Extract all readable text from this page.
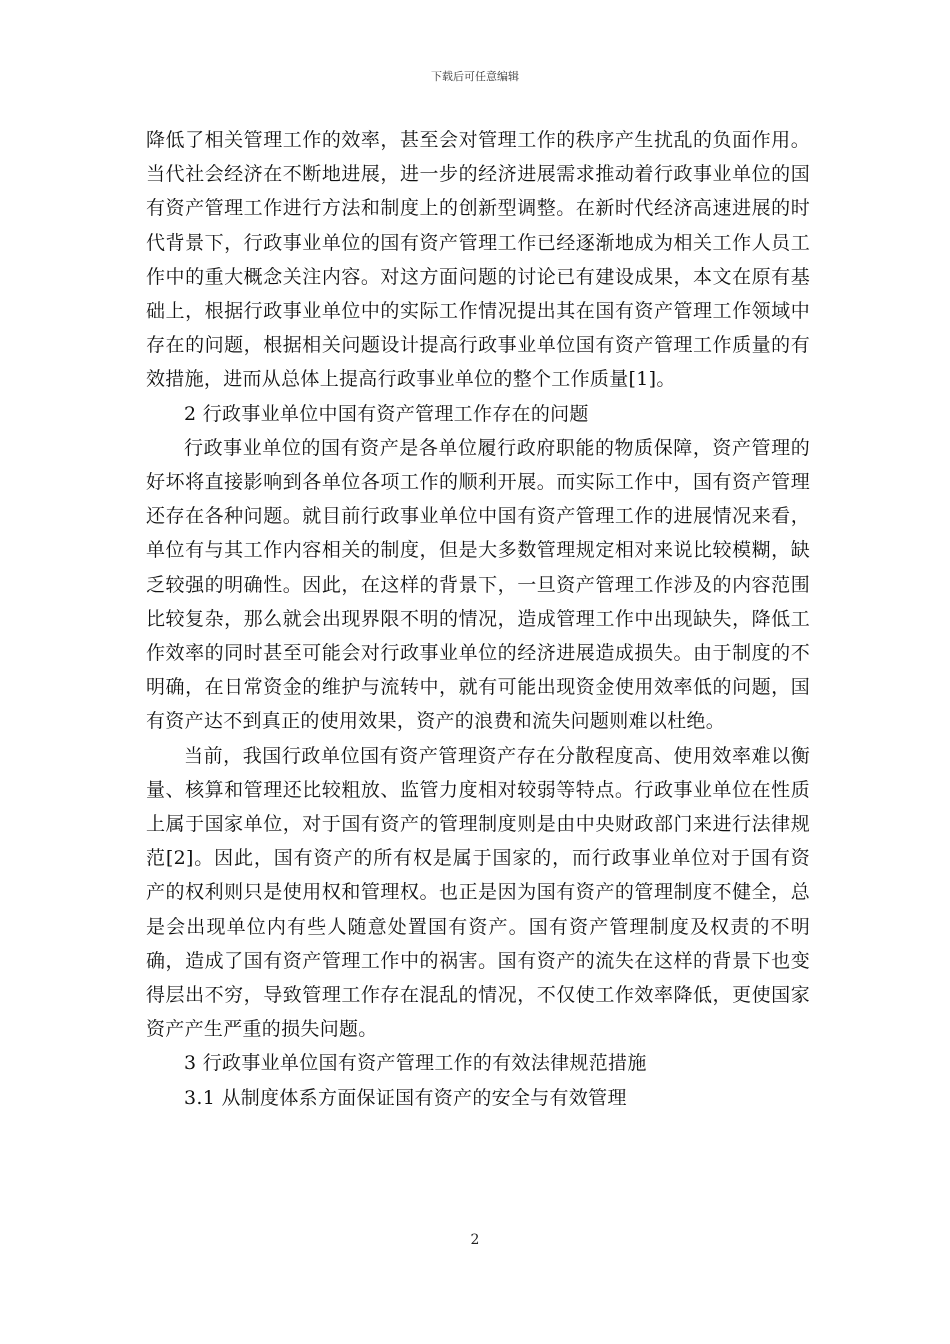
下载后可任意编辑

降低了相关管理工作的效率，甚至会对管理工作的秩序产生扰乱的负面作用。当代社会经济在不断地进展，进一步的经济进展需求推动着行政事业单位的国有资产管理工作进行方法和制度上的创新型调整。在新时代经济高速进展的时代背景下，行政事业单位的国有资产管理工作已经逐渐地成为相关工作人员工作中的重大概念关注内容。对这方面问题的讨论已有建设成果，本文在原有基础上，根据行政事业单位中的实际工作情况提出其在国有资产管理工作领域中存在的问题，根据相关问题设计提高行政事业单位国有资产管理工作质量的有效措施，进而从总体上提高行政事业单位的整个工作质量[1]。

2 行政事业单位中国有资产管理工作存在的问题

行政事业单位的国有资产是各单位履行政府职能的物质保障，资产管理的好坏将直接影响到各单位各项工作的顺利开展。而实际工作中，国有资产管理还存在各种问题。就目前行政事业单位中国有资产管理工作的进展情况来看，单位有与其工作内容相关的制度，但是大多数管理规定相对来说比较模糊，缺乏较强的明确性。因此，在这样的背景下，一旦资产管理工作涉及的内容范围比较复杂，那么就会出现界限不明的情况，造成管理工作中出现缺失，降低工作效率的同时甚至可能会对行政事业单位的经济进展造成损失。由于制度的不明确，在日常资金的维护与流转中，就有可能出现资金使用效率低的问题，国有资产达不到真正的使用效果，资产的浪费和流失问题则难以杜绝。

当前，我国行政单位国有资产管理资产存在分散程度高、使用效率难以衡量、核算和管理还比较粗放、监管力度相对较弱等特点。行政事业单位在性质上属于国家单位，对于国有资产的管理制度则是由中央财政部门来进行法律规范[2]。因此，国有资产的所有权是属于国家的，而行政事业单位对于国有资产的权利则只是使用权和管理权。也正是因为国有资产的管理制度不健全，总是会出现单位内有些人随意处置国有资产。国有资产管理制度及权责的不明确，造成了国有资产管理工作中的祸害。国有资产的流失在这样的背景下也变得层出不穷，导致管理工作存在混乱的情况，不仅使工作效率降低，更使国家资产产生严重的损失问题。

3 行政事业单位国有资产管理工作的有效法律规范措施

3.1 从制度体系方面保证国有资产的安全与有效管理

2
